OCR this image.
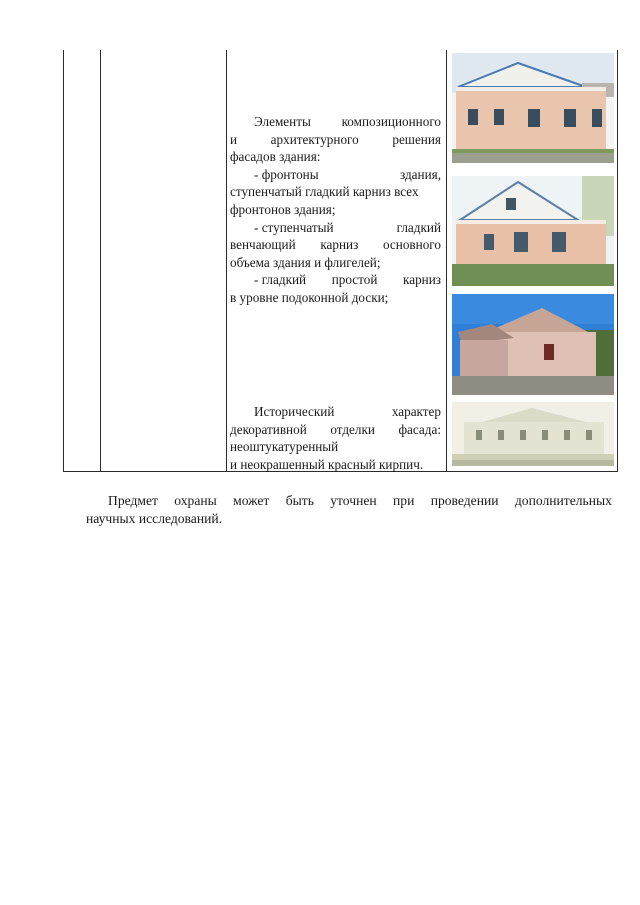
Элементы композиционного
и	архитектурного	решения
фасадов здания:
- фронтоны	здания,
ступенчатый гладкий карниз всех
фронтонов здания;
- ступенчатый	гладкий
венчающий карниз основного
объема здания и флигелей;
- гладкий простой карниз
в уровне подоконной доски;
Исторический	характер
декоративной отделки фасада:
неоштукатуренный
и неокрашенный красный кирпич.
Предмет охраны может быть уточнен при проведении дополнительных
научных исследований.
